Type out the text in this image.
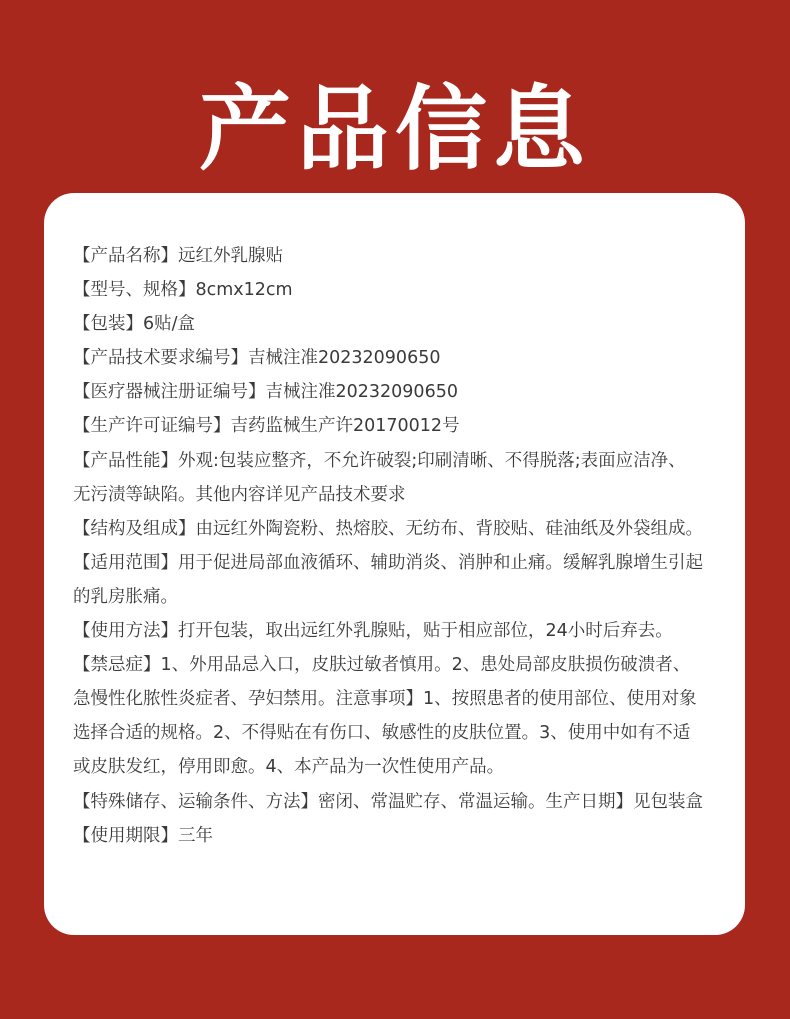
产品信息
【产品名称】远红外乳腺贴
【型号、规格】8cmx12cm
【包装】6贴/盒
【产品技术要求编号】吉械注准20232090650
【医疗器械注册证编号】吉械注准20232090650
【生产许可证编号】吉药监械生产许20170012号
【产品性能】外观:包装应整齐，不允许破裂;印刷清晰、不得脱落;表面应洁净、
无污渍等缺陷。其他内容详见产品技术要求
【结构及组成】由远红外陶瓷粉、热熔胶、无纺布、背胶贴、硅油纸及外袋组成。
【适用范围】用于促进局部血液循环、辅助消炎、消肿和止痛。缓解乳腺增生引起
的乳房胀痛。
【使用方法】打开包装，取出远红外乳腺贴，贴于相应部位，24小时后弃去。
【禁忌症】1、外用品忌入口，皮肤过敏者慎用。2、患处局部皮肤损伤破溃者、
急慢性化脓性炎症者、孕妇禁用。注意事项】1、按照患者的使用部位、使用对象
选择合适的规格。2、不得贴在有伤口、敏感性的皮肤位置。3、使用中如有不适
或皮肤发红，停用即愈。4、本产品为一次性使用产品。
【特殊储存、运输条件、方法】密闭、常温贮存、常温运输。生产日期】见包装盒
【使用期限】三年
